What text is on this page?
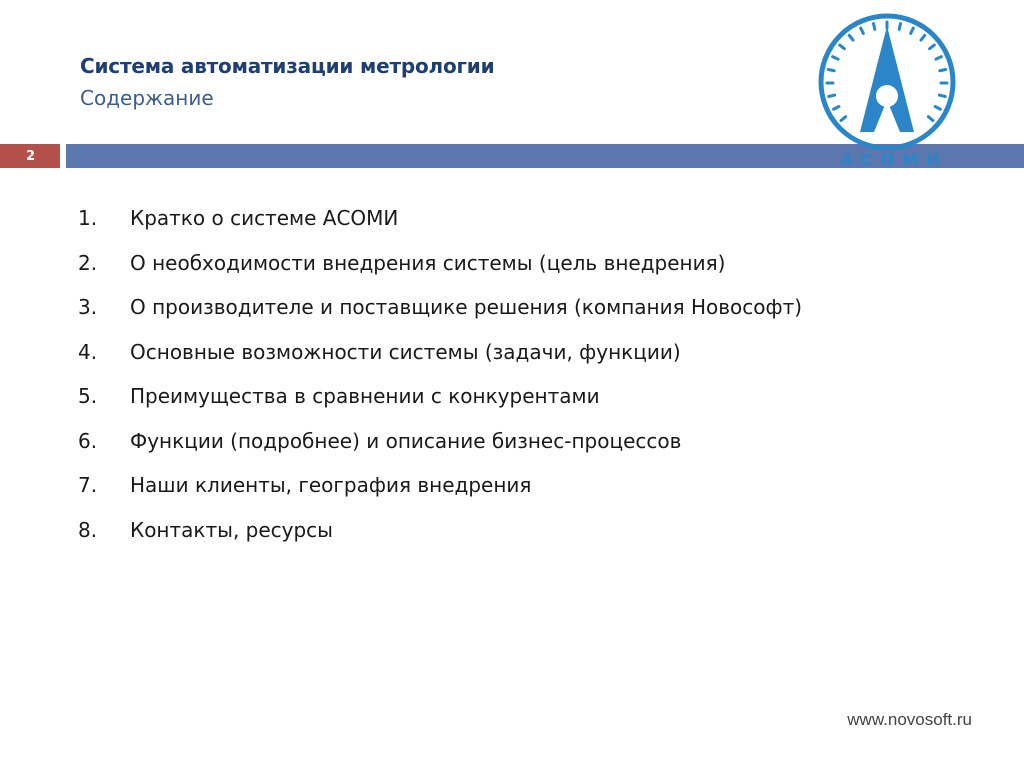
Система автоматизации метрологии
Содержание
2	АСОМИ
1.	Кратко о системе АСОМИ
2.	О необходимости внедрения системы (цель внедрения)
3.	О производителе и поставщике решения (компания Новософт)
4.	Основные возможности системы (задачи, функции)
5.	Преимущества в сравнении с конкурентами
6.	Функции (подробнее) и описание бизнес-процессов
7.	Наши клиенты, география внедрения
8.	Контакты, ресурсы
www.novosoft.ru
